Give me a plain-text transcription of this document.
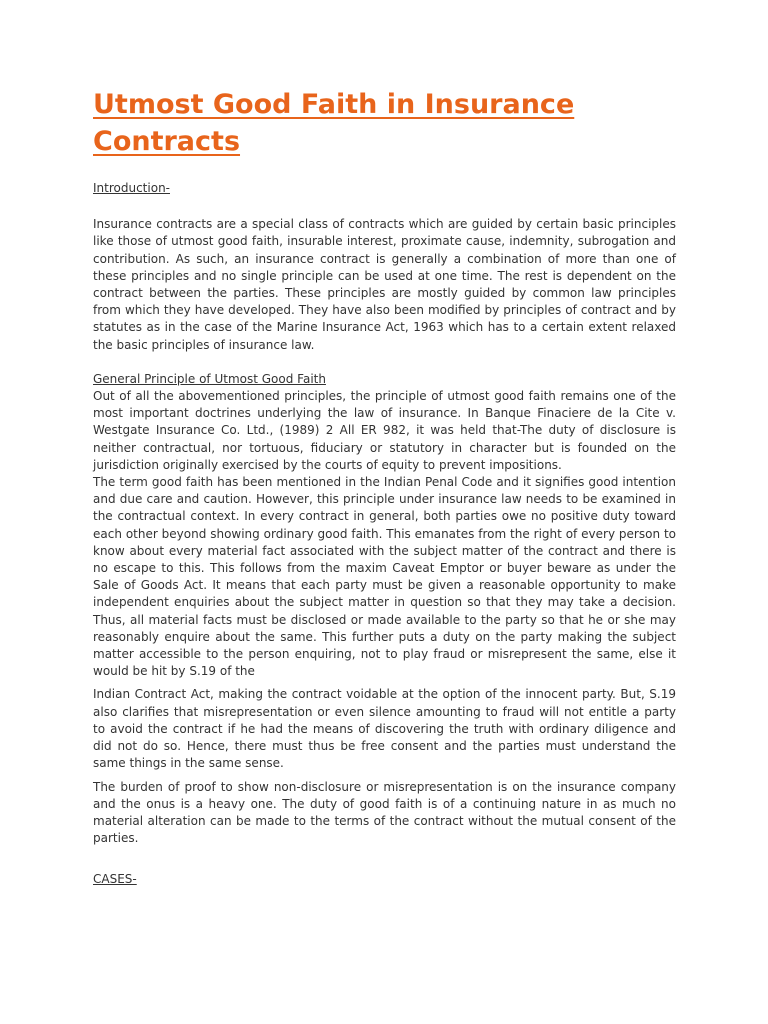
Utmost Good Faith in Insurance Contracts

Introduction-

Insurance contracts are a special class of contracts which are guided by certain basic principles like those of utmost good faith, insurable interest, proximate cause, indemnity, subrogation and contribution. As such, an insurance contract is generally a combination of more than one of these principles and no single principle can be used at one time. The rest is dependent on the contract between the parties. These principles are mostly guided by common law principles from which they have developed. They have also been modified by principles of contract and by statutes as in the case of the Marine Insurance Act, 1963 which has to a certain extent relaxed the basic principles of insurance law.

General Principle of Utmost Good Faith

Out of all the abovementioned principles, the principle of utmost good faith remains one of the most important doctrines underlying the law of insurance. In Banque Finaciere de la Cite v. Westgate Insurance Co. Ltd., (1989) 2 All ER 982, it was held that-The duty of disclosure is neither contractual, nor tortuous, fiduciary or statutory in character but is founded on the jurisdiction originally exercised by the courts of equity to prevent impositions.

The term good faith has been mentioned in the Indian Penal Code and it signifies good intention and due care and caution. However, this principle under insurance law needs to be examined in the contractual context. In every contract in general, both parties owe no positive duty toward each other beyond showing ordinary good faith. This emanates from the right of every person to know about every material fact associated with the subject matter of the contract and there is no escape to this. This follows from the maxim Caveat Emptor or buyer beware as under the Sale of Goods Act. It means that each party must be given a reasonable opportunity to make independent enquiries about the subject matter in question so that they may take a decision. Thus, all material facts must be disclosed or made available to the party so that he or she may reasonably enquire about the same. This further puts a duty on the party making the subject matter accessible to the person enquiring, not to play fraud or misrepresent the same, else it would be hit by S.19 of the

Indian Contract Act, making the contract voidable at the option of the innocent party. But, S.19 also clarifies that misrepresentation or even silence amounting to fraud will not entitle a party to avoid the contract if he had the means of discovering the truth with ordinary diligence and did not do so. Hence, there must thus be free consent and the parties must understand the same things in the same sense.

The burden of proof to show non-disclosure or misrepresentation is on the insurance company and the onus is a heavy one. The duty of good faith is of a continuing nature in as much no material alteration can be made to the terms of the contract without the mutual consent of the parties.

CASES-
